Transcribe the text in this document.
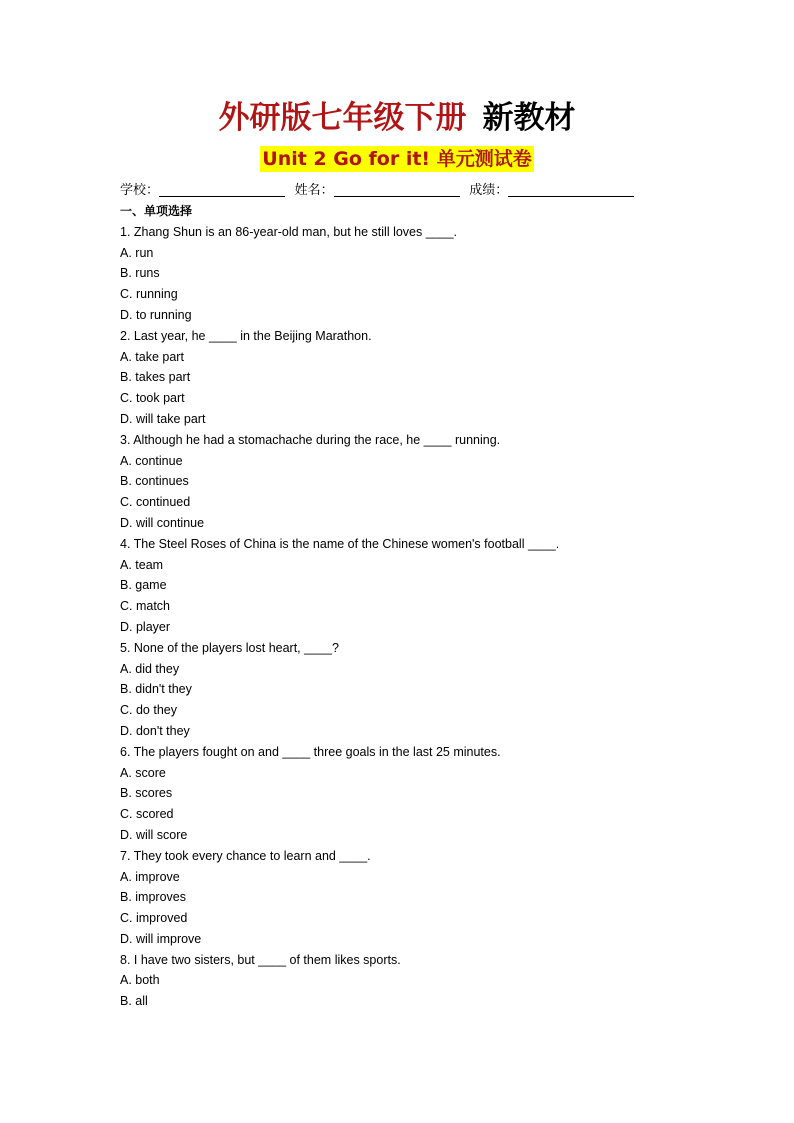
外研版七年级下册 新教材
Unit 2 Go for it! 单元测试卷
学校：	姓名：	成绩：
一、单项选择
1. Zhang Shun is an 86-year-old man, but he still loves ____.
A. run
B. runs
C. running
D. to running
2. Last year, he ____ in the Beijing Marathon.
A. take part
B. takes part
C. took part
D. will take part
3. Although he had a stomachache during the race, he ____ running.
A. continue
B. continues
C. continued
D. will continue
4. The Steel Roses of China is the name of the Chinese women's football ____.
A. team
B. game
C. match
D. player
5. None of the players lost heart, ____?
A. did they
B. didn't they
C. do they
D. don't they
6. The players fought on and ____ three goals in the last 25 minutes.
A. score
B. scores
C. scored
D. will score
7. They took every chance to learn and ____.
A. improve
B. improves
C. improved
D. will improve
8. I have two sisters, but ____ of them likes sports.
A. both
B. all
